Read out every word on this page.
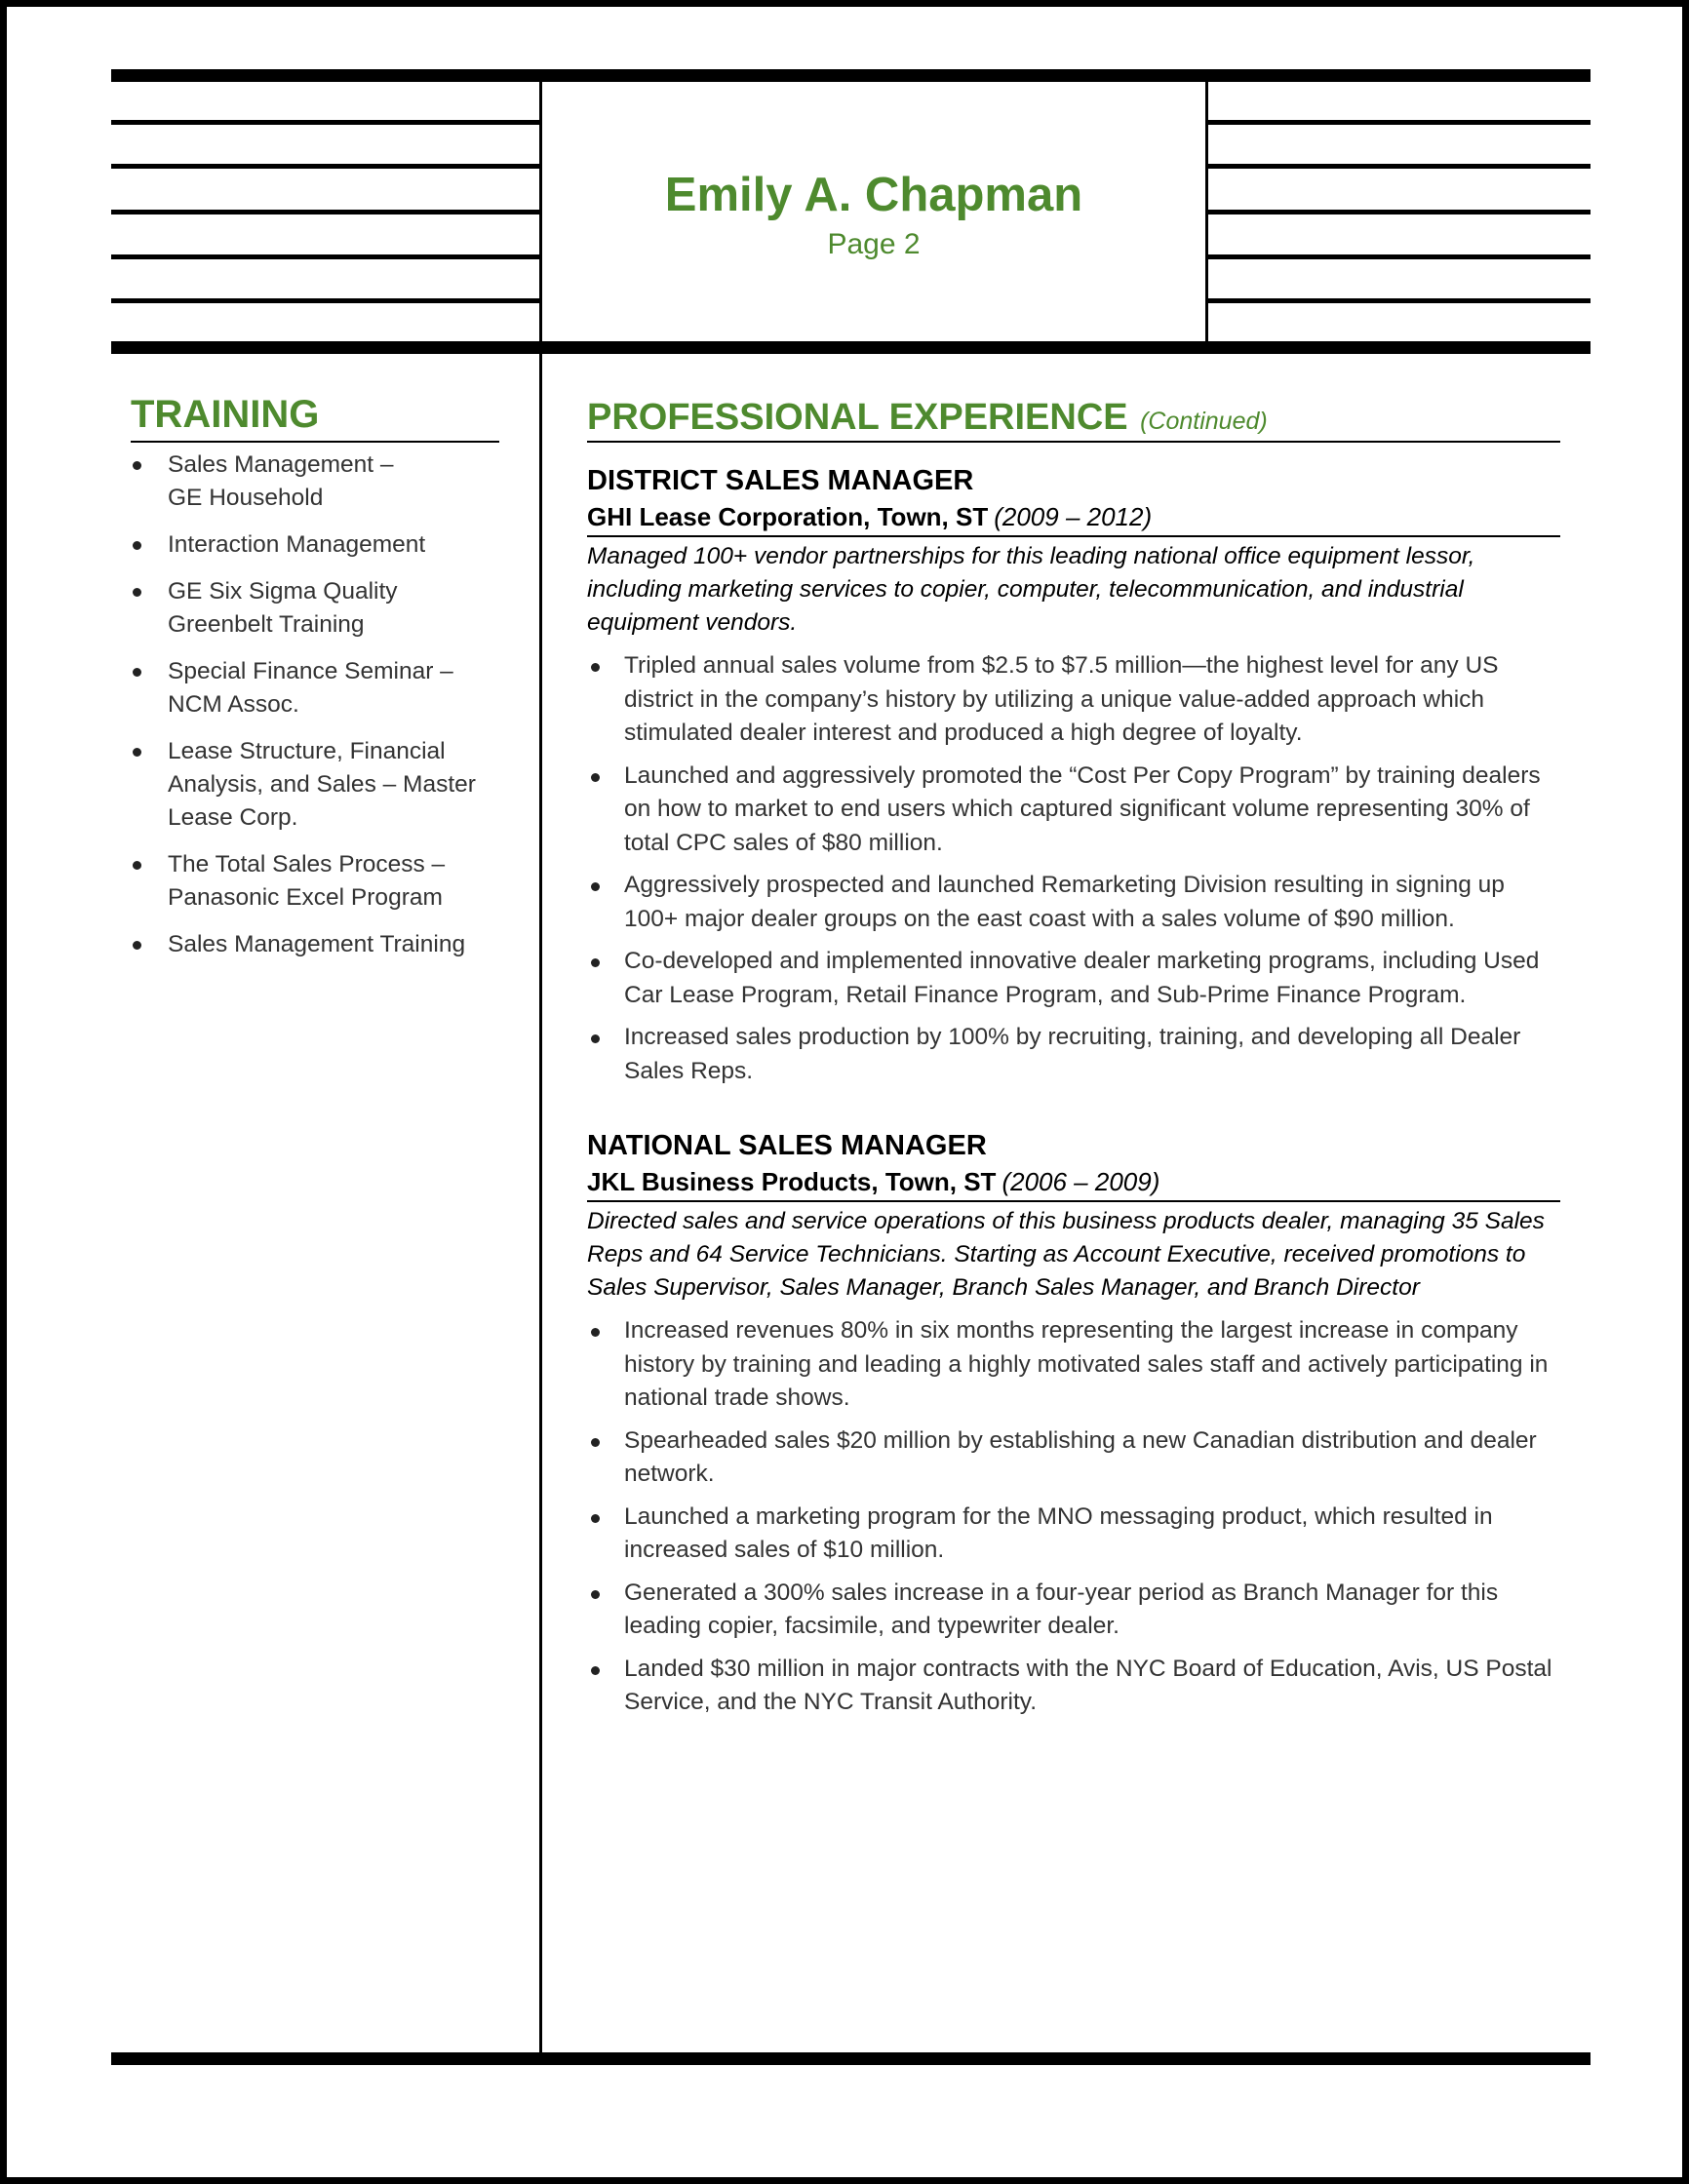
Emily A. Chapman
Page 2
TRAINING
Sales Management –
GE Household
Interaction Management
GE Six Sigma Quality
Greenbelt Training
Special Finance Seminar –
NCM Assoc.
Lease Structure, Financial
Analysis, and Sales – Master
Lease Corp.
The Total Sales Process –
Panasonic Excel Program
Sales Management Training
PROFESSIONAL EXPERIENCE (Continued)
DISTRICT SALES MANAGER
GHI Lease Corporation, Town, ST (2009 – 2012)
Managed 100+ vendor partnerships for this leading national office equipment lessor, including marketing services to copier, computer, telecommunication, and industrial equipment vendors.
Tripled annual sales volume from $2.5 to $7.5 million—the highest level for any US district in the company’s history by utilizing a unique value-added approach which stimulated dealer interest and produced a high degree of loyalty.
Launched and aggressively promoted the “Cost Per Copy Program” by training dealers on how to market to end users which captured significant volume representing 30% of total CPC sales of $80 million.
Aggressively prospected and launched Remarketing Division resulting in signing up 100+ major dealer groups on the east coast with a sales volume of $90 million.
Co-developed and implemented innovative dealer marketing programs, including Used Car Lease Program, Retail Finance Program, and Sub-Prime Finance Program.
Increased sales production by 100% by recruiting, training, and developing all Dealer Sales Reps.
NATIONAL SALES MANAGER
JKL Business Products, Town, ST (2006 – 2009)
Directed sales and service operations of this business products dealer, managing 35 Sales Reps and 64 Service Technicians. Starting as Account Executive, received promotions to Sales Supervisor, Sales Manager, Branch Sales Manager, and Branch Director
Increased revenues 80% in six months representing the largest increase in company history by training and leading a highly motivated sales staff and actively participating in national trade shows.
Spearheaded sales $20 million by establishing a new Canadian distribution and dealer network.
Launched a marketing program for the MNO messaging product, which resulted in increased sales of $10 million.
Generated a 300% sales increase in a four-year period as Branch Manager for this leading copier, facsimile, and typewriter dealer.
Landed $30 million in major contracts with the NYC Board of Education, Avis, US Postal Service, and the NYC Transit Authority.
